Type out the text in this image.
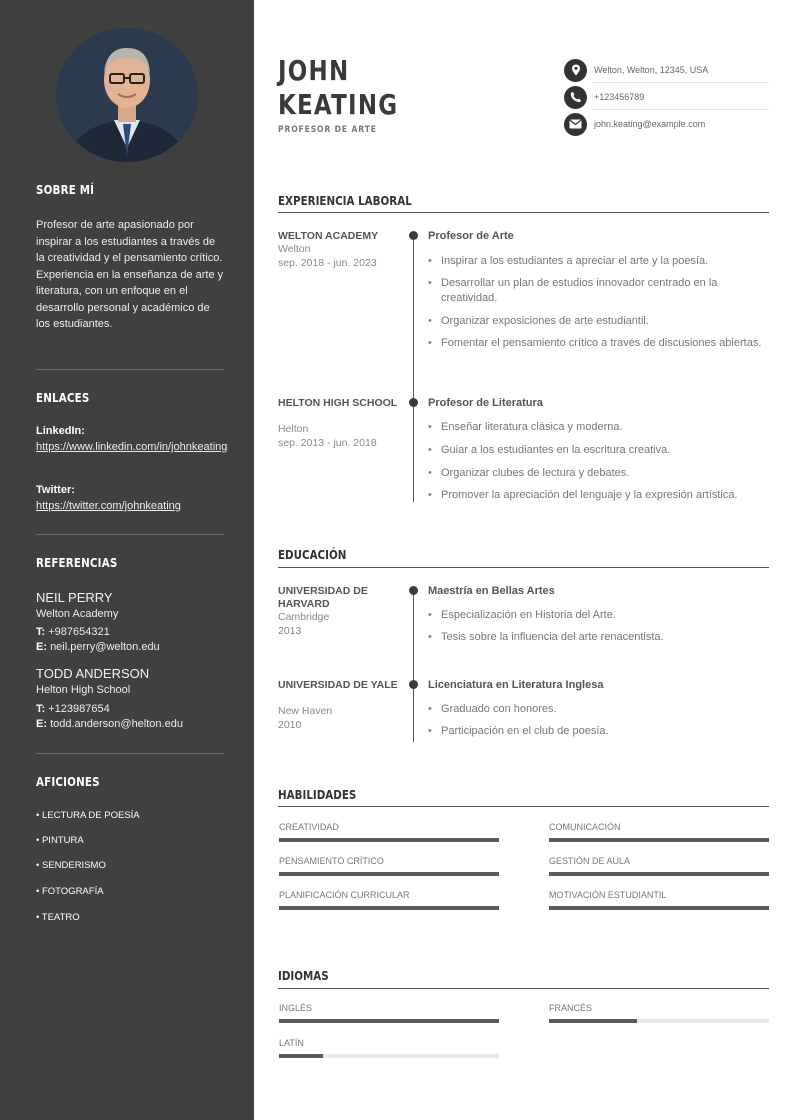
SOBRE MÍ
Profesor de arte apasionado por inspirar a los estudiantes a través de la creatividad y el pensamiento crítico. Experiencia en la enseñanza de arte y literatura, con un enfoque en el desarrollo personal y académico de los estudiantes.
ENLACES
LinkedIn:
https://www.linkedin.com/in/johnkeating
Twitter:
https://twitter.com/johnkeating
REFERENCIAS
NEIL PERRY
Welton Academy
T: +987654321
E: neil.perry@welton.edu
TODD ANDERSON
Helton High School
T: +123987654
E: todd.anderson@helton.edu
AFICIONES
• LECTURA DE POESÍA
• PINTURA
• SENDERISMO
• FOTOGRAFÍA
• TEATRO
JOHN
KEATING
PROFESOR DE ARTE
Welton, Welton, 12345, USA
+123456789
john.keating@example.com
EXPERIENCIA LABORAL
WELTON ACADEMY
Welton
sep. 2018 - jun. 2023
Profesor de Arte
• Inspirar a los estudiantes a apreciar el arte y la poesía.
• Desarrollar un plan de estudios innovador centrado en la creatividad.
• Organizar exposiciones de arte estudiantil.
• Fomentar el pensamiento crítico a través de discusiones abiertas.
HELTON HIGH SCHOOL
Helton
sep. 2013 - jun. 2018
Profesor de Literatura
• Enseñar literatura clásica y moderna.
• Guiar a los estudiantes en la escritura creativa.
• Organizar clubes de lectura y debates.
• Promover la apreciación del lenguaje y la expresión artística.
EDUCACIÓN
UNIVERSIDAD DE HARVARD
Cambridge
2013
Maestría en Bellas Artes
• Especialización en Historia del Arte.
• Tesis sobre la influencia del arte renacentista.
UNIVERSIDAD DE YALE
New Haven
2010
Licenciatura en Literatura Inglesa
• Graduado con honores.
• Participación en el club de poesía.
HABILIDADES
CREATIVIDAD	COMUNICACIÓN
PENSAMIENTO CRÍTICO	GESTIÓN DE AULA
PLANIFICACIÓN CURRICULAR	MOTIVACIÓN ESTUDIANTIL
IDIOMAS
INGLÉS	FRANCÉS
LATÍN
